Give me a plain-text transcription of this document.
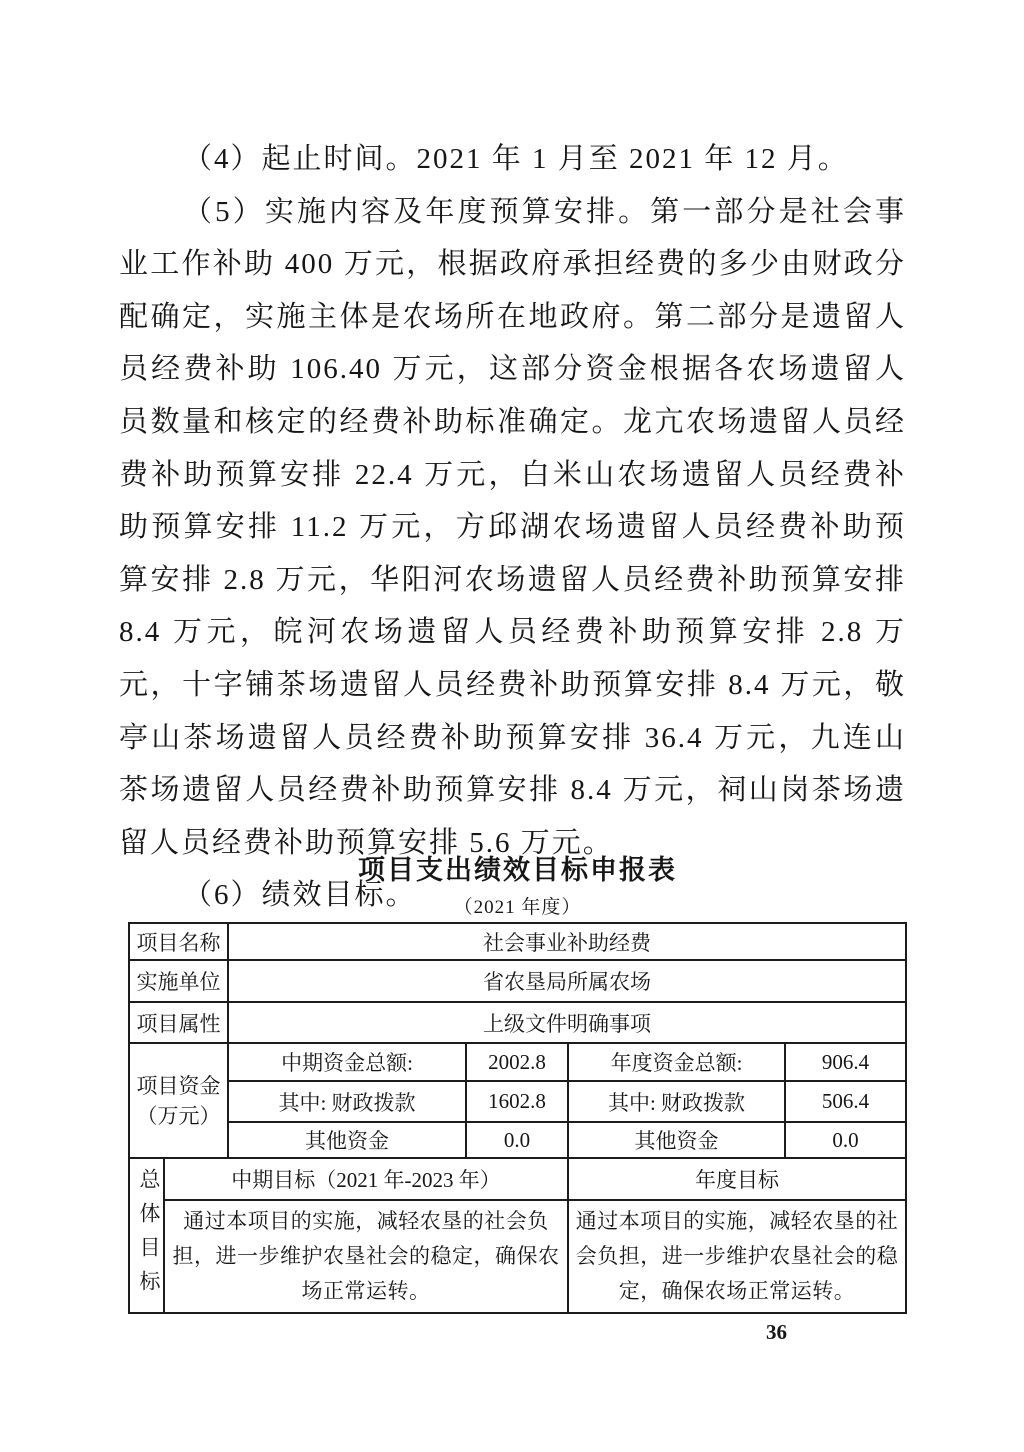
（4）起止时间。2021 年 1 月至 2021 年 12 月。

（5）实施内容及年度预算安排。第一部分是社会事业工作补助 400 万元，根据政府承担经费的多少由财政分配确定，实施主体是农场所在地政府。第二部分是遗留人员经费补助 106.40 万元，这部分资金根据各农场遗留人员数量和核定的经费补助标准确定。龙亢农场遗留人员经费补助预算安排 22.4 万元，白米山农场遗留人员经费补助预算安排 11.2 万元，方邱湖农场遗留人员经费补助预算安排 2.8 万元，华阳河农场遗留人员经费补助预算安排 8.4 万元，皖河农场遗留人员经费补助预算安排 2.8 万元，十字铺茶场遗留人员经费补助预算安排 8.4 万元，敬亭山茶场遗留人员经费补助预算安排 36.4 万元，九连山茶场遗留人员经费补助预算安排 8.4 万元，祠山岗茶场遗留人员经费补助预算安排 5.6 万元。

（6）绩效目标。

项目支出绩效目标申报表
（2021 年度）
项目名称		社会事业补助经费			
实施单位		省农垦局所属农场			
项目属性		上级文件明确事项			

项目资金
（万元）		中期资金总额:	2002.8	年度资金总额:	906.4
		其中: 财政拨款	1602.8	其中: 财政拨款	506.4
		其他资金	0.0	其他资金	0.0

总体目标	中期目标（2021 年-2023 年）			年度目标	
	通过本项目的实施，减轻农垦的社会负担，进一步维护农垦社会的稳定，确保农场正常运转。			通过本项目的实施，减轻农垦的社会负担，进一步维护农垦社会的稳定，确保农场正常运转。	
36
